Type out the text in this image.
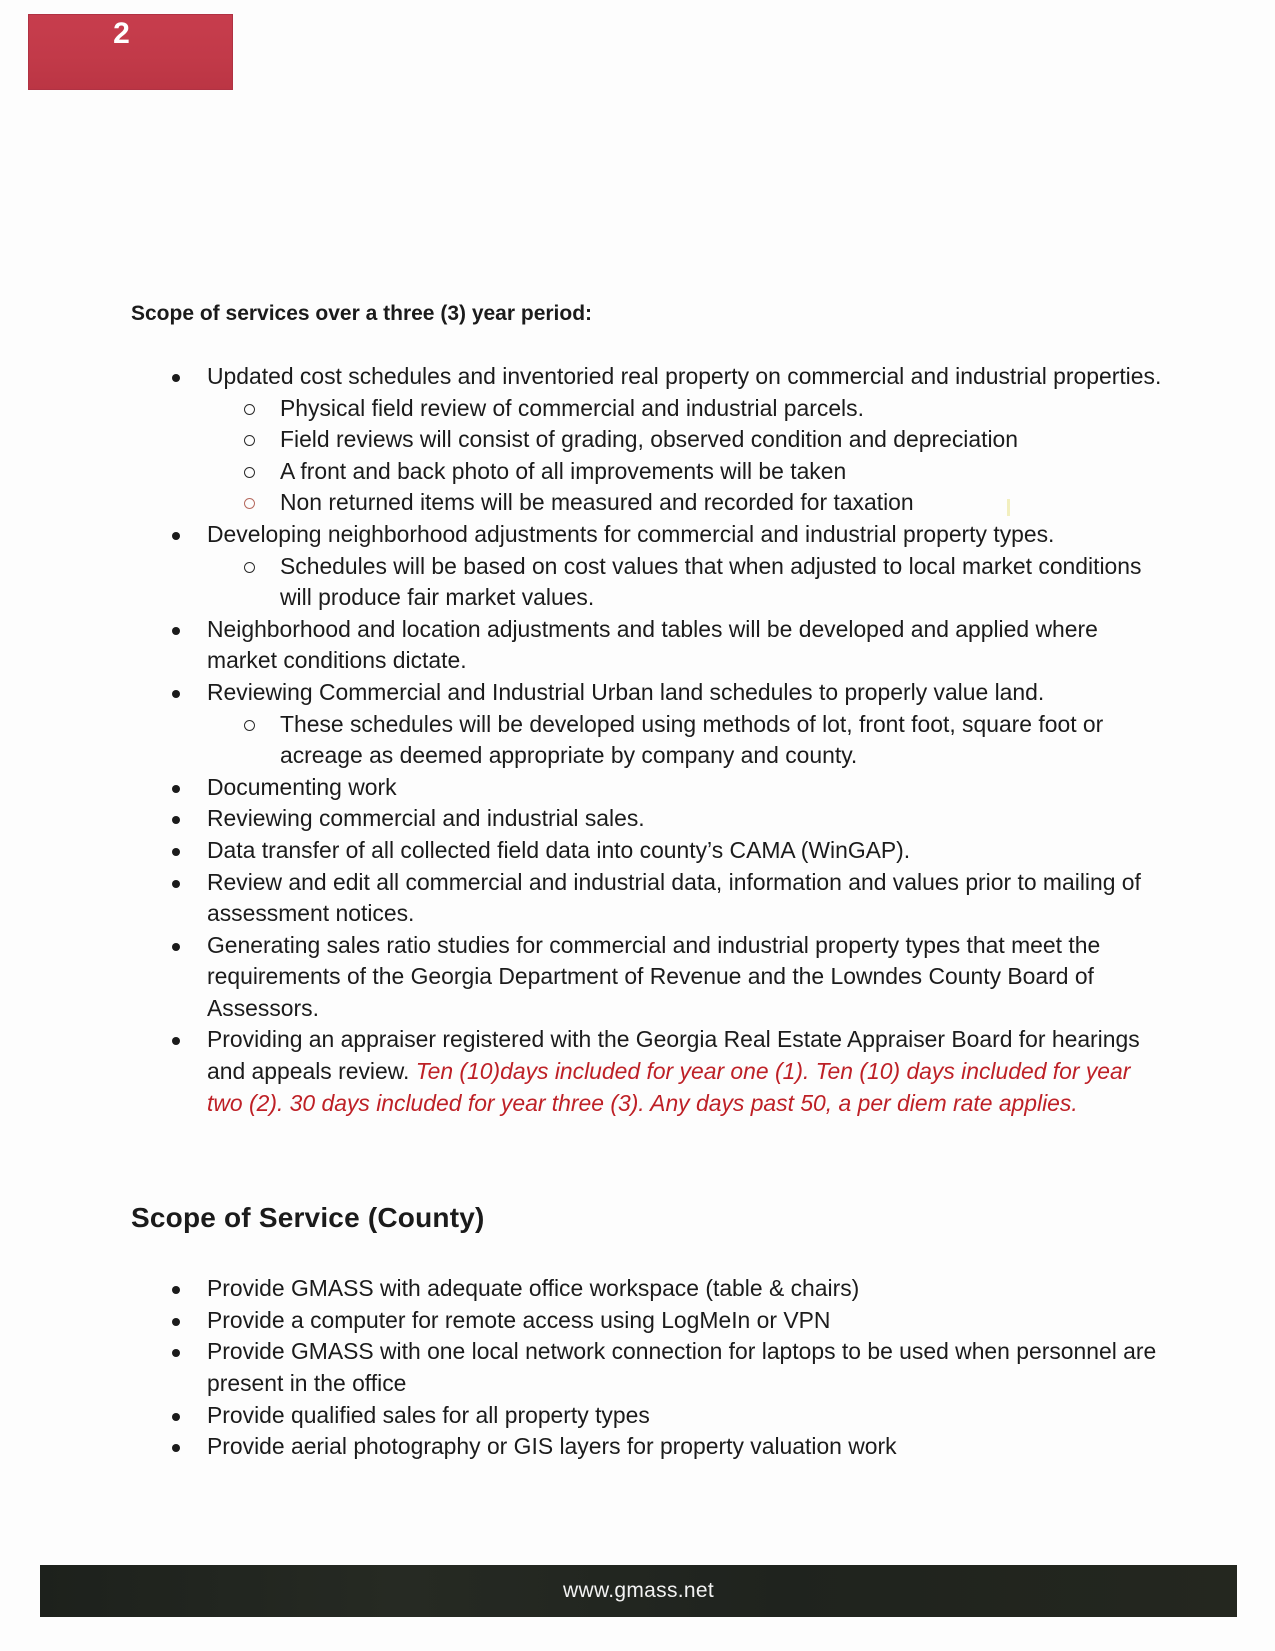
2

Scope of services over a three (3) year period:

Updated cost schedules and inventoried real property on commercial and industrial properties.
Physical field review of commercial and industrial parcels.
Field reviews will consist of grading, observed condition and depreciation
A front and back photo of all improvements will be taken
Non returned items will be measured and recorded for taxation
Developing neighborhood adjustments for commercial and industrial property types.
Schedules will be based on cost values that when adjusted to local market conditions will produce fair market values.
Neighborhood and location adjustments and tables will be developed and applied where market conditions dictate.
Reviewing Commercial and Industrial Urban land schedules to properly value land.
These schedules will be developed using methods of lot, front foot, square foot or acreage as deemed appropriate by company and county.
Documenting work
Reviewing commercial and industrial sales.
Data transfer of all collected field data into county’s CAMA (WinGAP).
Review and edit all commercial and industrial data, information and values prior to mailing of assessment notices.
Generating sales ratio studies for commercial and industrial property types that meet the requirements of the Georgia Department of Revenue and the Lowndes County Board of Assessors.
Providing an appraiser registered with the Georgia Real Estate Appraiser Board for hearings and appeals review. Ten (10)days included for year one (1). Ten (10) days included for year two (2). 30 days included for year three (3). Any days past 50, a per diem rate applies.

Scope of Service (County)

Provide GMASS with adequate office workspace (table & chairs)
Provide a computer for remote access using LogMeIn or VPN
Provide GMASS with one local network connection for laptops to be used when personnel are present in the office
Provide qualified sales for all property types
Provide aerial photography or GIS layers for property valuation work
www.gmass.net
